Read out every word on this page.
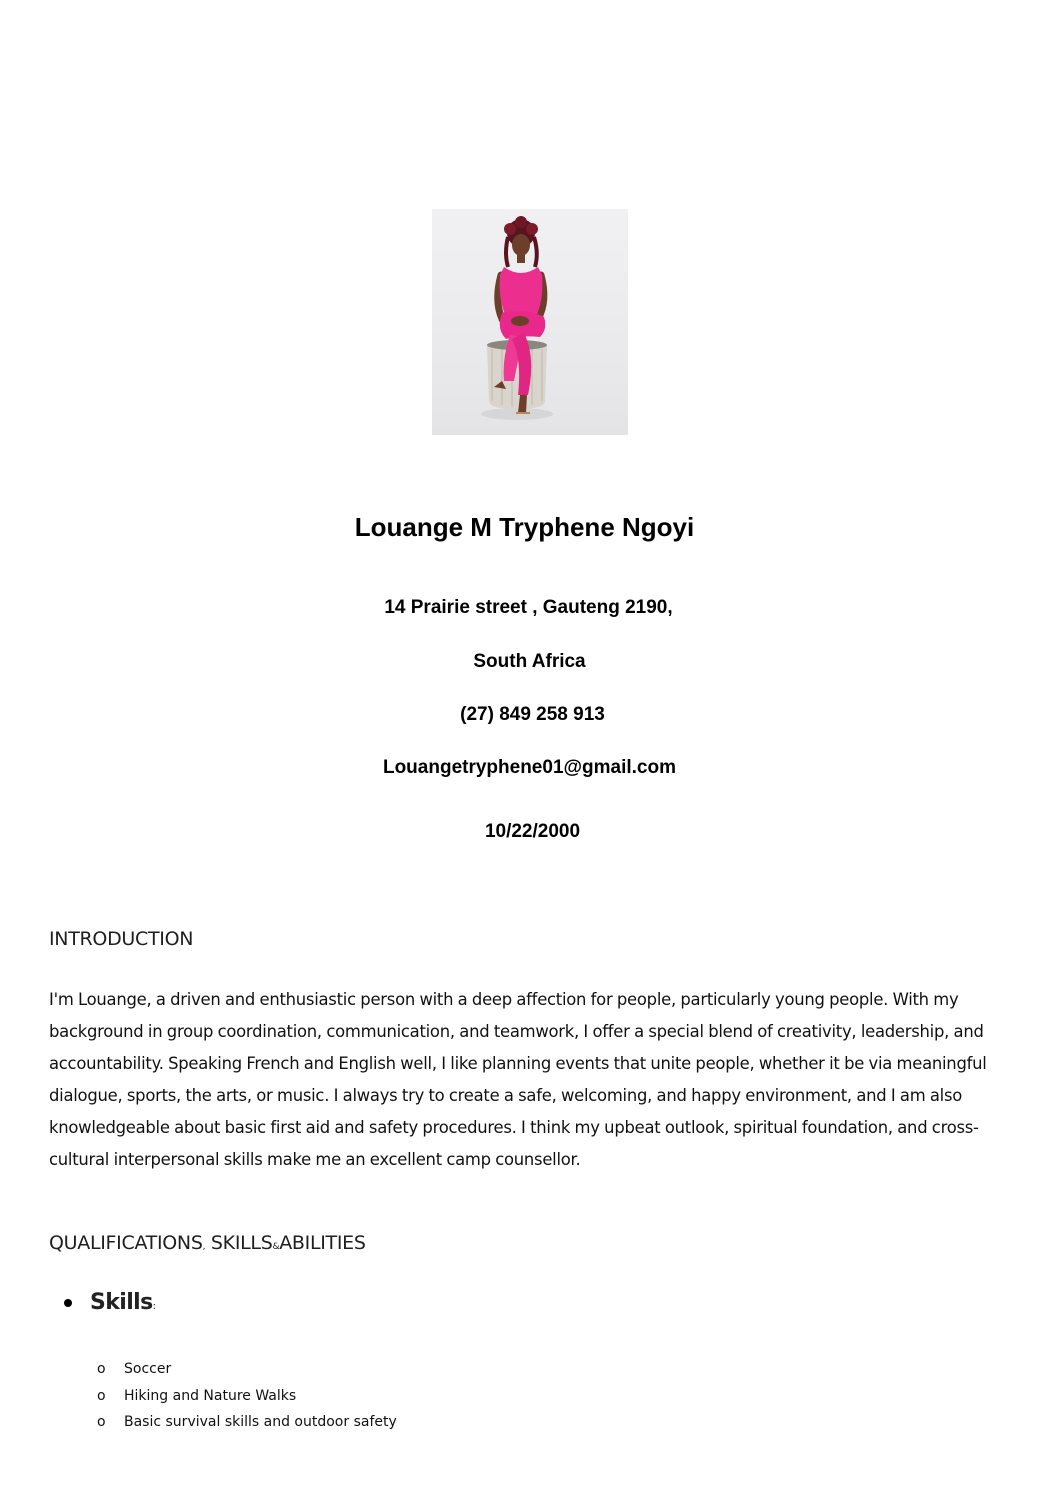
Louange M Tryphene Ngoyi
14 Prairie street , Gauteng 2190,
South Africa
(27) 849 258 913
Louangetryphene01@gmail.com
10/22/2000
INTRODUCTION
I'm Louange, a driven and enthusiastic person with a deep affection for people, particularly young people. With my background in group coordination, communication, and teamwork, I offer a special blend of creativity, leadership, and accountability. Speaking French and English well, I like planning events that unite people, whether it be via meaningful dialogue, sports, the arts, or music. I always try to create a safe, welcoming, and happy environment, and I am also knowledgeable about basic first aid and safety procedures. I think my upbeat outlook, spiritual foundation, and cross-cultural interpersonal skills make me an excellent camp counsellor.
QUALIFICATIONS, SKILLS&ABILITIES
Skills:
o Soccer
o Hiking and Nature Walks
o Basic survival skills and outdoor safety
